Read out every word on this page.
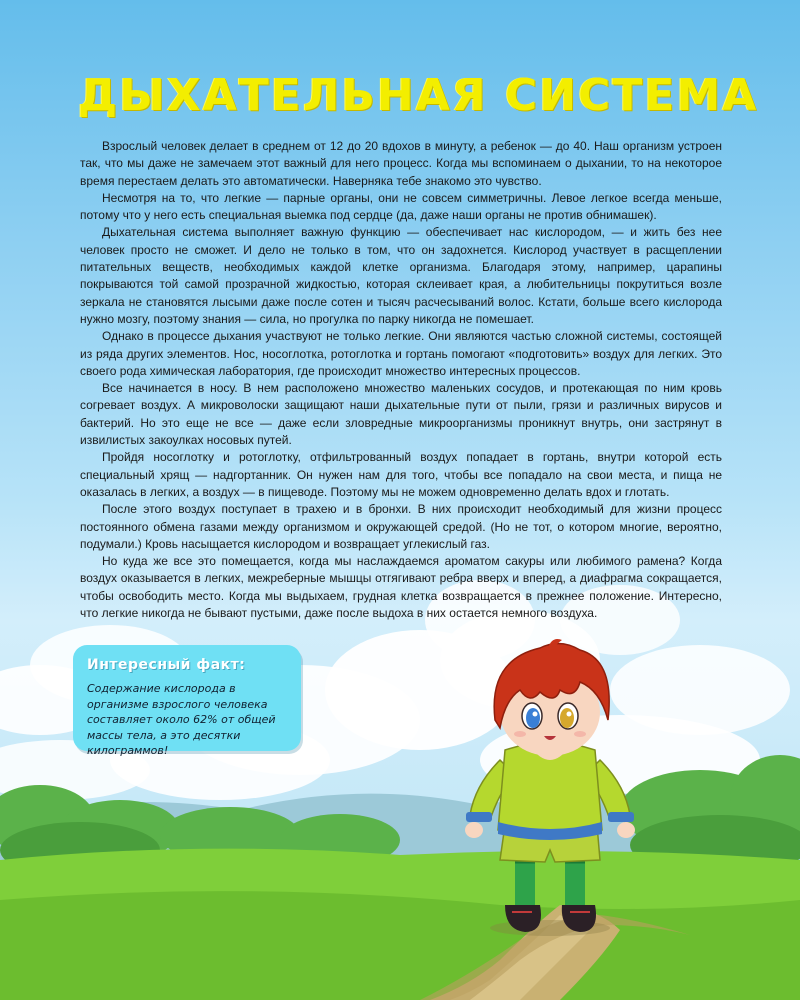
ДЫХАТЕЛЬНАЯ СИСТЕМА

Взрослый человек делает в среднем от 12 до 20 вдохов в минуту, а ребенок — до 40. Наш организм устроен так, что мы даже не замечаем этот важный для него процесс. Когда мы вспоминаем о дыхании, то на некоторое время перестаем делать это автоматически. Наверняка тебе знакомо это чувство.

Несмотря на то, что легкие — парные органы, они не совсем симметричны. Левое легкое всегда меньше, потому что у него есть специальная выемка под сердце (да, даже наши органы не против обнимашек).

Дыхательная система выполняет важную функцию — обеспечивает нас кислородом, — и жить без нее человек просто не сможет. И дело не только в том, что он задохнется. Кислород участвует в расщеплении питательных веществ, необходимых каждой клетке организма. Благодаря этому, например, царапины покрываются той самой прозрачной жидкостью, которая склеивает края, а любительницы покрутиться возле зеркала не становятся лысыми даже после сотен и тысяч расчесываний волос. Кстати, больше всего кислорода нужно мозгу, поэтому знания — сила, но прогулка по парку никогда не помешает.

Однако в процессе дыхания участвуют не только легкие. Они являются частью сложной системы, состоящей из ряда других элементов. Нос, носоглотка, ротоглотка и гортань помогают «подготовить» воздух для легких. Это своего рода химическая лаборатория, где происходит множество интересных процессов.

Все начинается в носу. В нем расположено множество маленьких сосудов, и протекающая по ним кровь согревает воздух. А микроволоски защищают наши дыхательные пути от пыли, грязи и различных вирусов и бактерий. Но это еще не все — даже если зловредные микроорганизмы проникнут внутрь, они застрянут в извилистых закоулках носовых путей.

Пройдя носоглотку и ротоглотку, отфильтрованный воздух попадает в гортань, внутри которой есть специальный хрящ — надгортанник. Он нужен нам для того, чтобы все попадало на свои места, и пища не оказалась в легких, а воздух — в пищеводе. Поэтому мы не можем одновременно делать вдох и глотать.

После этого воздух поступает в трахею и в бронхи. В них происходит необходимый для жизни процесс постоянного обмена газами между организмом и окружающей средой. (Но не тот, о котором многие, вероятно, подумали.) Кровь насыщается кислородом и возвращает углекислый газ.

Но куда же все это помещается, когда мы наслаждаемся ароматом сакуры или любимого рамена? Когда воздух оказывается в легких, межреберные мышцы отгягивают ребра вверх и вперед, а диафрагма сокращается, чтобы освободить место. Когда мы выдыхаем, грудная клетка возвращается в прежнее положение. Интересно, что легкие никогда не бывают пустыми, даже после выдоха в них остается немного воздуха.

Интересный факт:

Содержание кислорода в организме взрослого человека составляет около 62% от общей массы тела, а это десятки килограммов!
